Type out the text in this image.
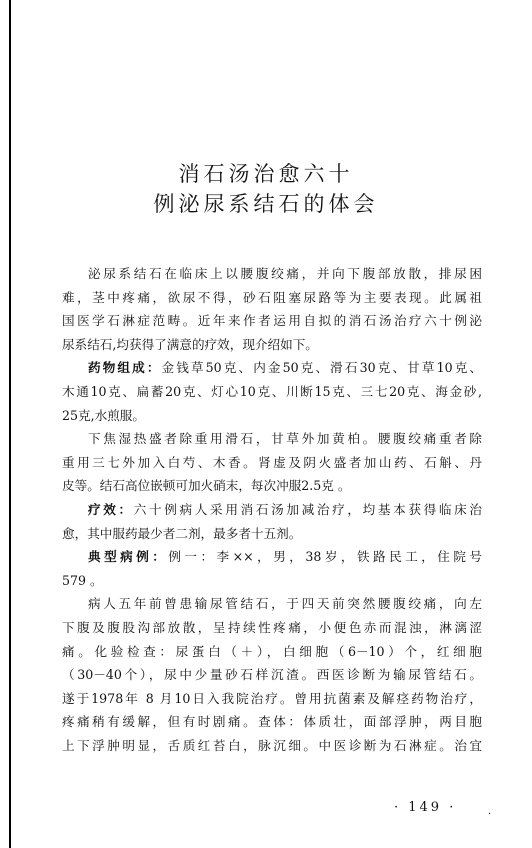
消石汤治愈六十
例泌尿系结石的体会
泌尿系结石在临床上以腰腹绞痛，并向下腹部放散，排尿困
难，茎中疼痛，欲尿不得，砂石阻塞尿路等为主要表现。此属祖
国医学石淋症范畴。近年来作者运用自拟的消石汤治疗六十例泌
尿系结石,均获得了满意的疗效，现介绍如下。
药物组成：金钱草50克、内金50克、滑石30克、甘草10克、
木通10克、扁蓄20克、灯心10克、川断15克、三七20克、海金砂,
25克,水煎服。
下焦湿热盛者除重用滑石，甘草外加黄柏。腰腹绞痛重者除
重用三七外加入白芍、木香。肾虚及阴火盛者加山药、石斛、丹
皮等。结石高位嵌顿可加火硝末，每次冲服2.5克 。
疗效：六十例病人采用消石汤加减治疗，均基本获得临床治
愈，其中服药最少者二剂，最多者十五剂。
典型病例：例一：李××，男，38岁，铁路民工，住院号
579 。
病人五年前曾患输尿管结石，于四天前突然腰腹绞痛，向左
下腹及腹股沟部放散，呈持续性疼痛，小便色赤而混浊，淋漓涩
痛。化验检查：尿蛋白（＋），白细胞（6－10）个，红细胞
（30－40个），尿中少量砂石样沉渣。西医诊断为输尿管结石。
遂于1978年 8 月10日入我院治疗。曾用抗菌素及解痉药物治疗，
疼痛稍有缓解，但有时剧痛。查体：体质壮，面部浮肿，两目胞
上下浮肿明显，舌质红苔白，脉沉细。中医诊断为石淋症。治宜
· 149 ·	.
